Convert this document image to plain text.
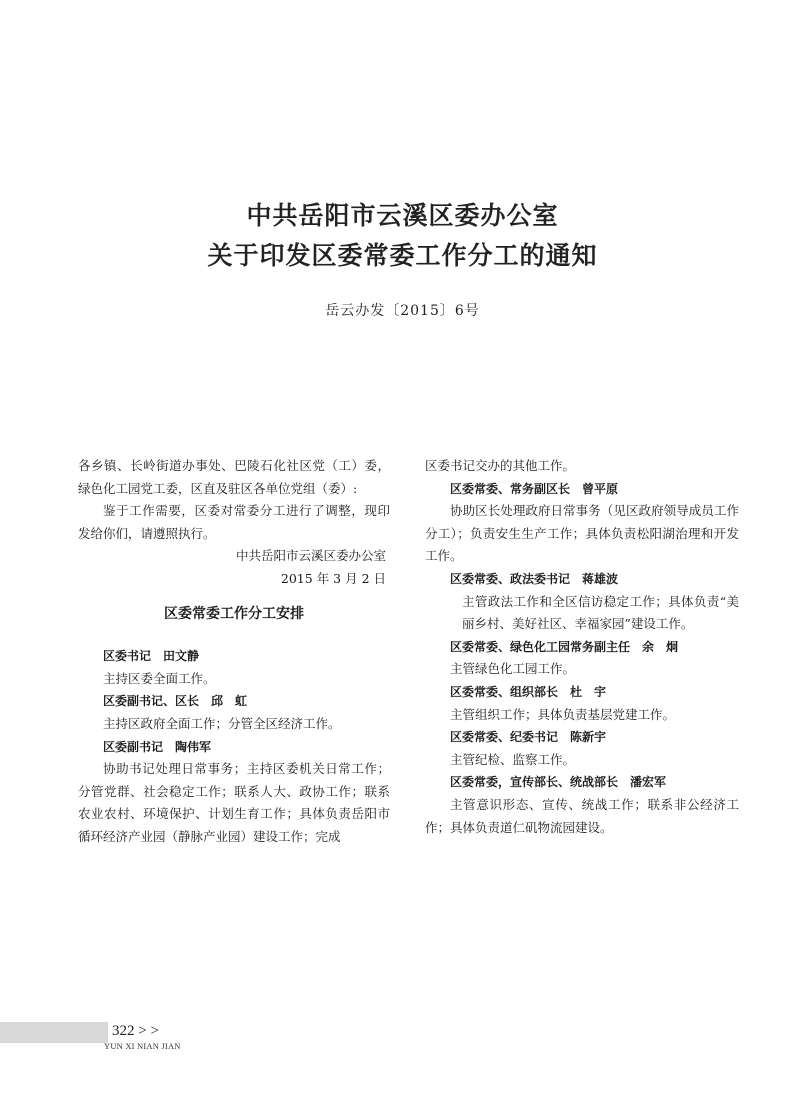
中共岳阳市云溪区委办公室
关于印发区委常委工作分工的通知
岳云办发〔2015〕6号

各乡镇、长岭街道办事处、巴陵石化社区党（工）委，绿色化工园党工委，区直及驻区各单位党组（委）:

鉴于工作需要，区委对常委分工进行了调整，现印发给你们，请遵照执行。

中共岳阳市云溪区委办公室

2015 年 3 月 2 日

区委常委工作分工安排

区委书记　田文静

主持区委全面工作。

区委副书记、区长　邱　虹

主持区政府全面工作；分管全区经济工作。

区委副书记　陶伟军

协助书记处理日常事务；主持区委机关日常工作；分管党群、社会稳定工作；联系人大、政协工作；联系农业农村、环境保护、计划生育工作；具体负责岳阳市循环经济产业园（静脉产业园）建设工作；完成

区委书记交办的其他工作。

区委常委、常务副区长　曾平原

协助区长处理政府日常事务（见区政府领导成员工作分工）；负责安生生产工作；具体负责松阳湖治理和开发工作。

区委常委、政法委书记　蒋雄波

主管政法工作和全区信访稳定工作；具体负责“美丽乡村、美好社区、幸福家园”建设工作。

区委常委、绿色化工园常务副主任　余　炯

主管绿色化工园工作。

区委常委、组织部长　杜　宇

主管组织工作；具体负责基层党建工作。

区委常委、纪委书记　陈新宇

主管纪检、监察工作。

区委常委，宣传部长、统战部长　潘宏军

主管意识形态、宣传、统战工作；联系非公经济工作；具体负责道仁矶物流园建设。

322 > >
YUN XI NIAN JIAN
